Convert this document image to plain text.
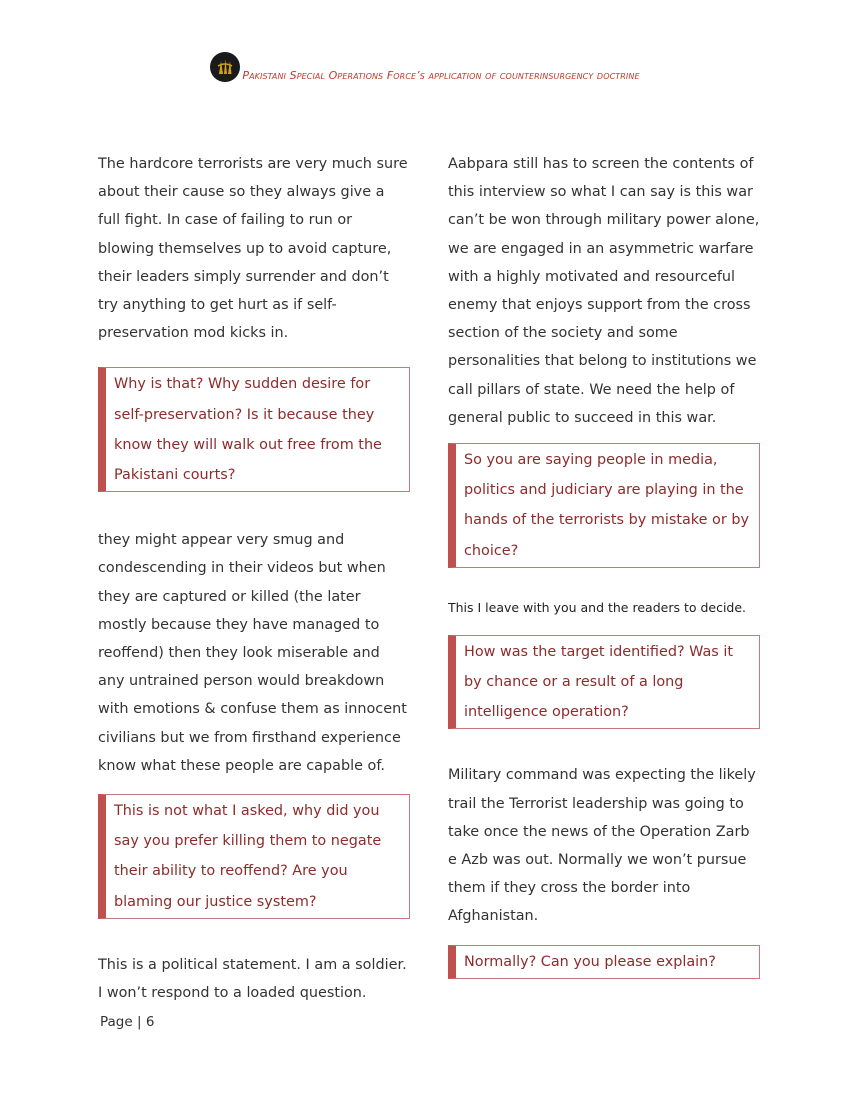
Pakistani Special Operations Force’s application of counterinsurgency doctrine

The hardcore terrorists are very much sure about their cause so they always give a full fight. In case of failing to run or blowing themselves up to avoid capture, their leaders simply surrender and don’t try anything to get hurt as if self-preservation mod kicks in.

Why is that? Why sudden desire for self-preservation? Is it because they know they will walk out free from the Pakistani courts?

they might appear very smug and condescending in their videos but when they are captured or killed (the later mostly because they have managed to reoffend) then they look miserable and any untrained person would breakdown with emotions & confuse them as innocent civilians but we from firsthand experience know what these people are capable of.

This is not what I asked, why did you say you prefer killing them to negate their ability to reoffend? Are you blaming our justice system?

This is a political statement. I am a soldier. I won’t respond to a loaded question.

Aabpara still has to screen the contents of this interview so what I can say is this war can’t be won through military power alone, we are engaged in an asymmetric warfare with a highly motivated and resourceful enemy that enjoys support from the cross section of the society and some personalities that belong to institutions we call pillars of state. We need the help of general public to succeed in this war.

So you are saying people in media, politics and judiciary are playing in the hands of the terrorists by mistake or by choice?

This I leave with you and the readers to decide.

How was the target identified? Was it by chance or a result of a long intelligence operation?

Military command was expecting the likely trail the Terrorist leadership was going to take once the news of the Operation Zarb e Azb was out. Normally we won’t pursue them if they cross the border into Afghanistan.

Normally? Can you please explain?
Page | 6
